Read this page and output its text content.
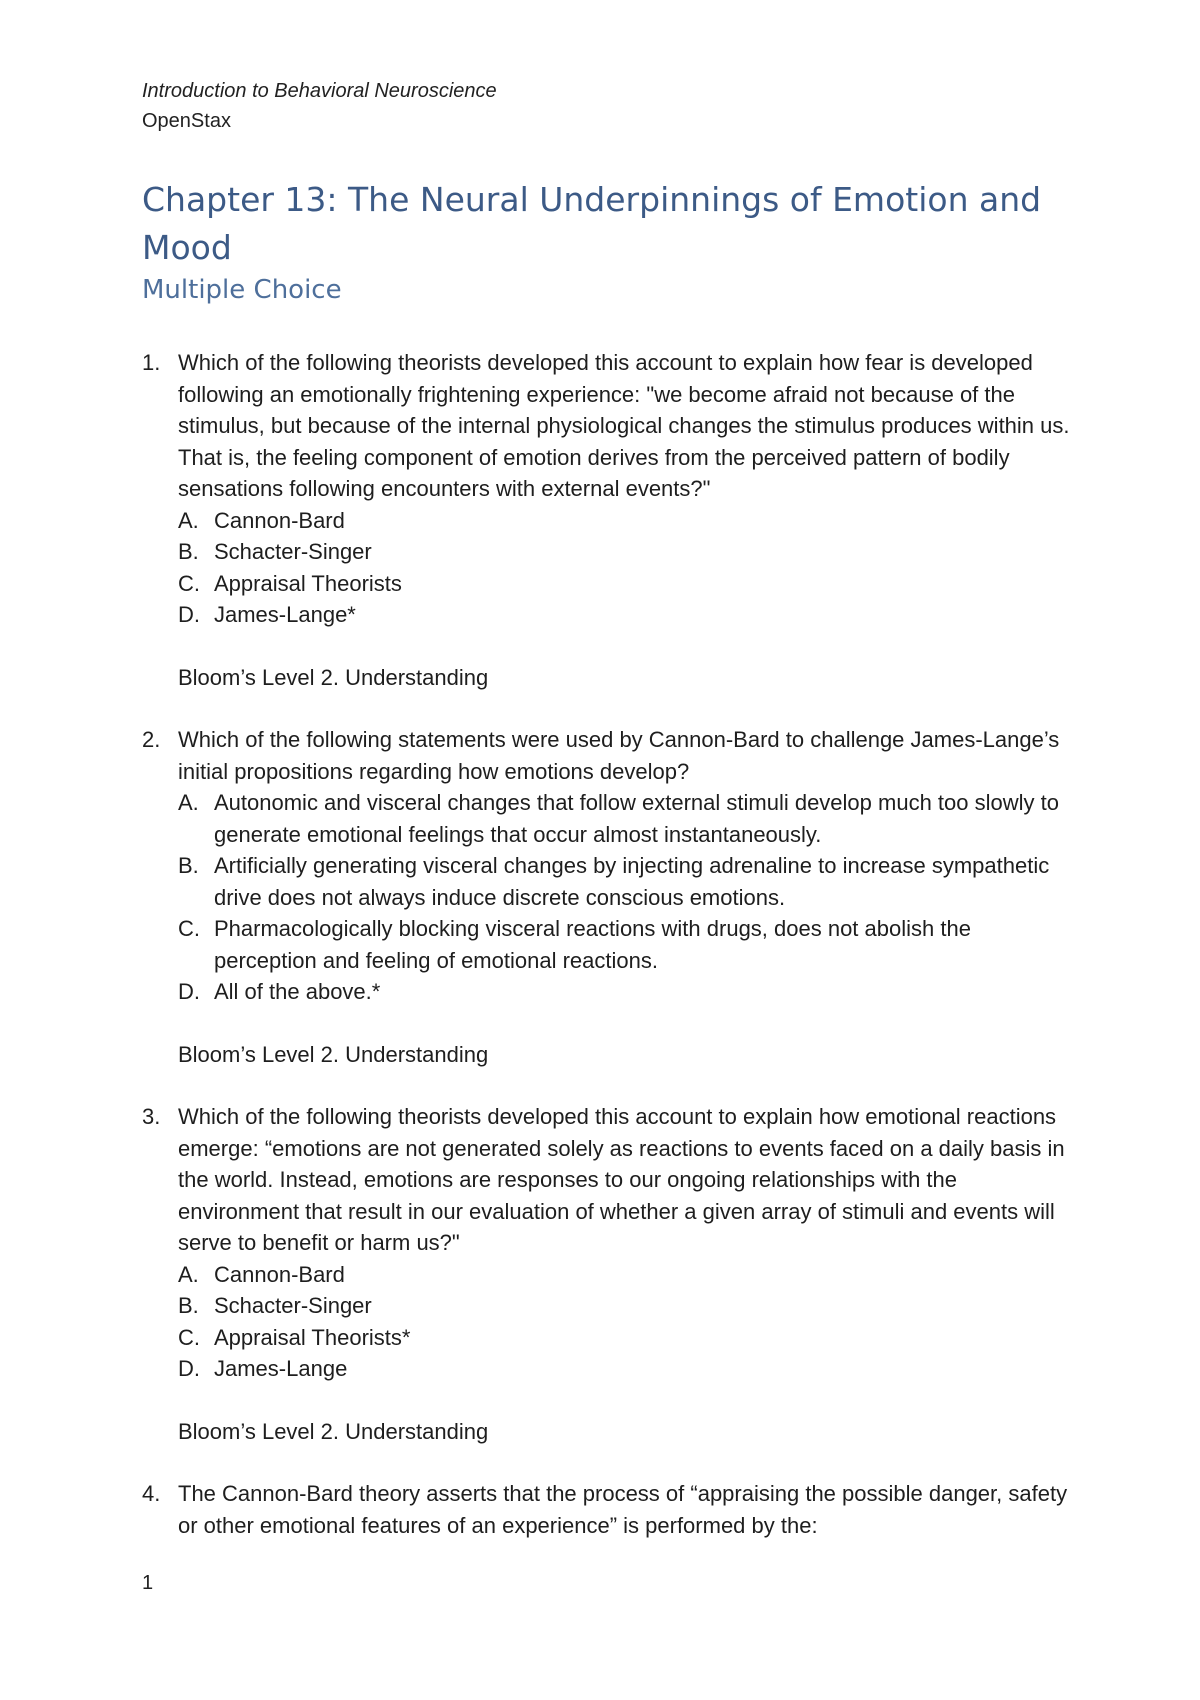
Introduction to Behavioral Neuroscience
OpenStax
Chapter 13: The Neural Underpinnings of Emotion and Mood
Multiple Choice
1. Which of the following theorists developed this account to explain how fear is developed following an emotionally frightening experience: "we become afraid not because of the stimulus, but because of the internal physiological changes the stimulus produces within us. That is, the feeling component of emotion derives from the perceived pattern of bodily sensations following encounters with external events?"
A. Cannon-Bard
B. Schacter-Singer
C. Appraisal Theorists
D. James-Lange*
Bloom’s Level 2. Understanding
2. Which of the following statements were used by Cannon-Bard to challenge James-Lange’s initial propositions regarding how emotions develop?
A. Autonomic and visceral changes that follow external stimuli develop much too slowly to generate emotional feelings that occur almost instantaneously.
B. Artificially generating visceral changes by injecting adrenaline to increase sympathetic drive does not always induce discrete conscious emotions.
C. Pharmacologically blocking visceral reactions with drugs, does not abolish the perception and feeling of emotional reactions.
D. All of the above.*
Bloom’s Level 2. Understanding
3. Which of the following theorists developed this account to explain how emotional reactions emerge: “emotions are not generated solely as reactions to events faced on a daily basis in the world. Instead, emotions are responses to our ongoing relationships with the environment that result in our evaluation of whether a given array of stimuli and events will serve to benefit or harm us?"
A. Cannon-Bard
B. Schacter-Singer
C. Appraisal Theorists*
D. James-Lange
Bloom’s Level 2. Understanding
4. The Cannon-Bard theory asserts that the process of “appraising the possible danger, safety or other emotional features of an experience” is performed by the:
1
